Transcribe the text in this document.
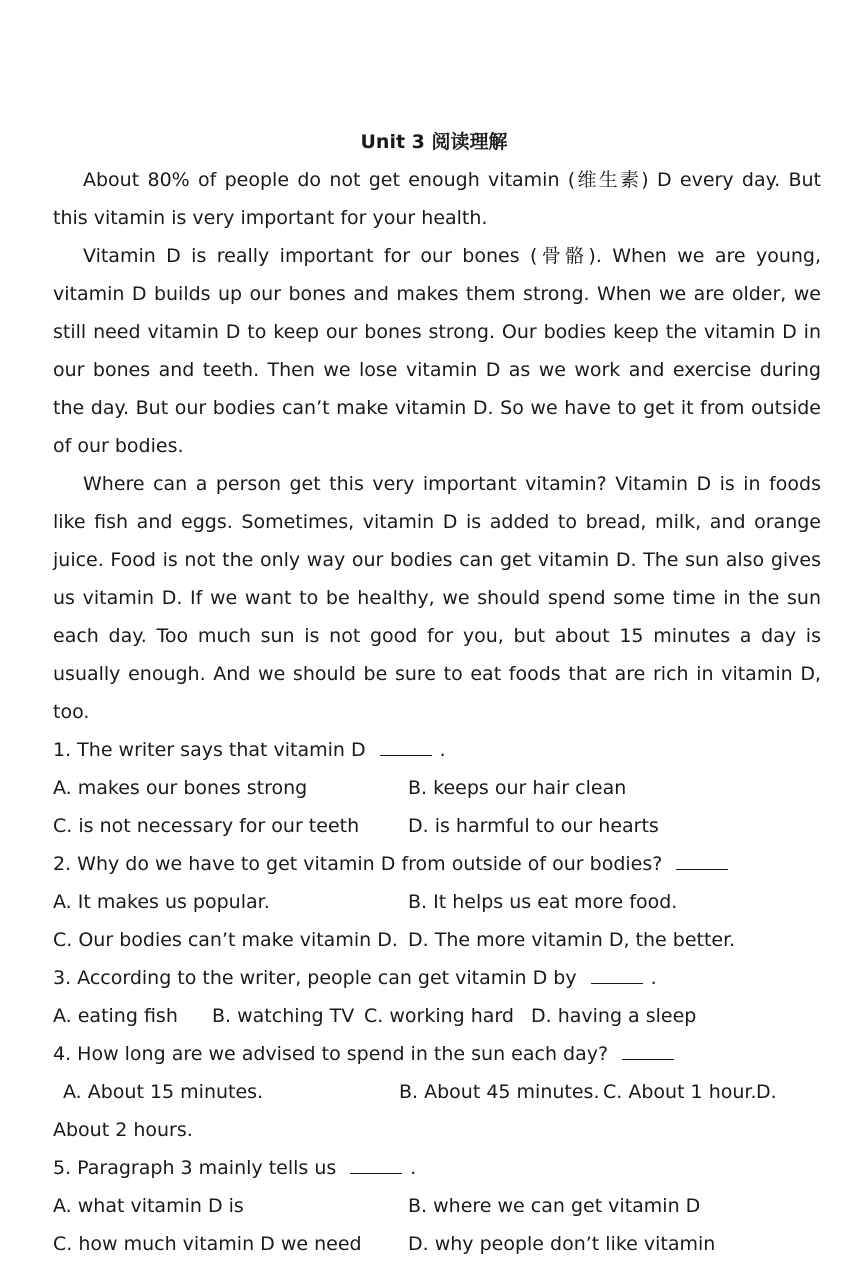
Unit 3 阅读理解

About 80% of people do not get enough vitamin (维生素) D every day. But this vitamin is very important for your health.

Vitamin D is really important for our bones (骨骼). When we are young, vitamin D builds up our bones and makes them strong. When we are older, we still need vitamin D to keep our bones strong. Our bodies keep the vitamin D in our bones and teeth. Then we lose vitamin D as we work and exercise during the day. But our bodies can’t make vitamin D. So we have to get it from outside of our bodies.

Where can a person get this very important vitamin? Vitamin D is in foods like fish and eggs. Sometimes, vitamin D is added to bread, milk, and orange juice. Food is not the only way our bodies can get vitamin D. The sun also gives us vitamin D. If we want to be healthy, we should spend some time in the sun each day. Too much sun is not good for you, but about 15 minutes a day is usually enough. And we should be sure to eat foods that are rich in vitamin D, too.

1. The writer says that vitamin D	.
A. makes our bones strong	B. keeps our hair clean
C. is not necessary for our teeth	D. is harmful to our hearts
2. Why do we have to get vitamin D from outside of our bodies?
A. It makes us popular.	B. It helps us eat more food.
C. Our bodies can’t make vitamin D. D. The more vitamin D, the better.
3. According to the writer, people can get vitamin D by	.
A. eating fish B. watching TV C. working hard D. having a sleep
4. How long are we advised to spend in the sun each day?
A. About 15 minutes.	B. About 45 minutes. C. About 1 hour. D.
About 2 hours.
5. Paragraph 3 mainly tells us	.
A. what vitamin D is	B. where we can get vitamin D
C. how much vitamin D we need D. why people don’t like vitamin
